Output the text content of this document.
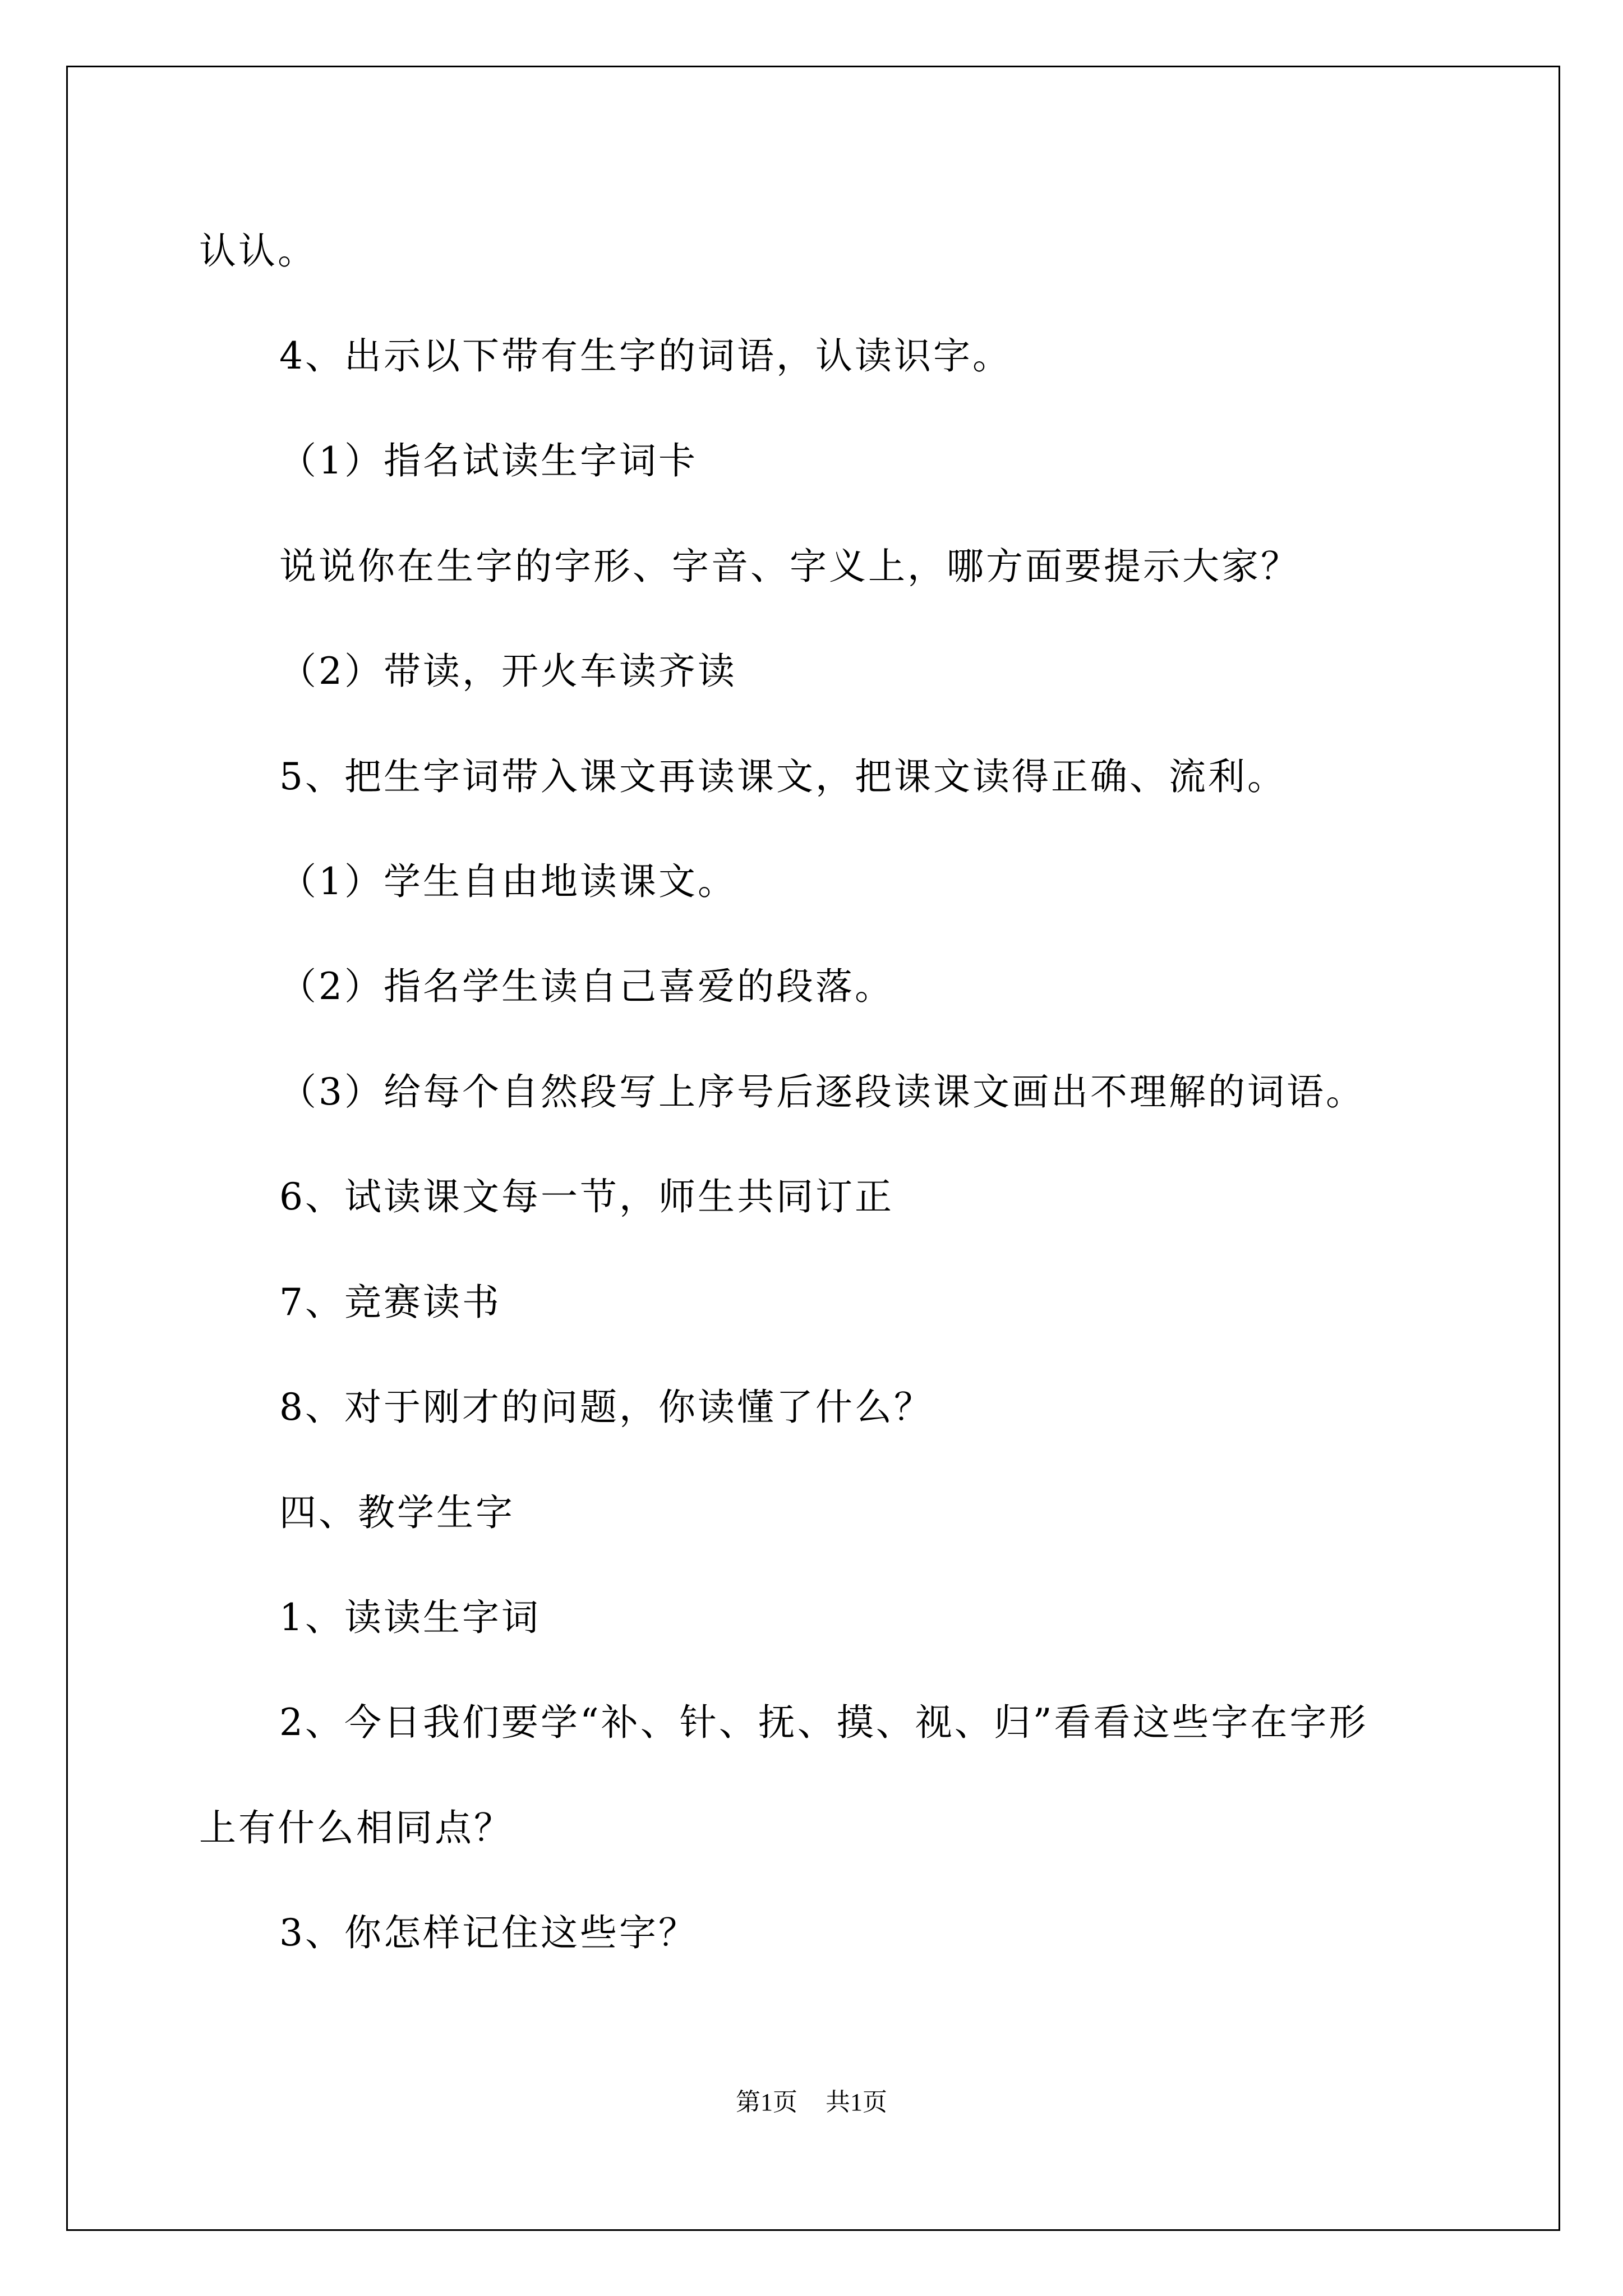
认认。
4、出示以下带有生字的词语，认读识字。
（1）指名试读生字词卡
说说你在生字的字形、字音、字义上，哪方面要提示大家？
（2）带读，开火车读齐读
5、把生字词带入课文再读课文，把课文读得正确、流利。
（1）学生自由地读课文。
（2）指名学生读自己喜爱的段落。
（3）给每个自然段写上序号后逐段读课文画出不理解的词语。
6、试读课文每一节，师生共同订正
7、竞赛读书
8、对于刚才的问题，你读懂了什么？
四、教学生字
1、读读生字词
2、今日我们要学“补、针、抚、摸、视、归”看看这些字在字形
上有什么相同点？
3、你怎样记住这些字？
第1页 共1页
